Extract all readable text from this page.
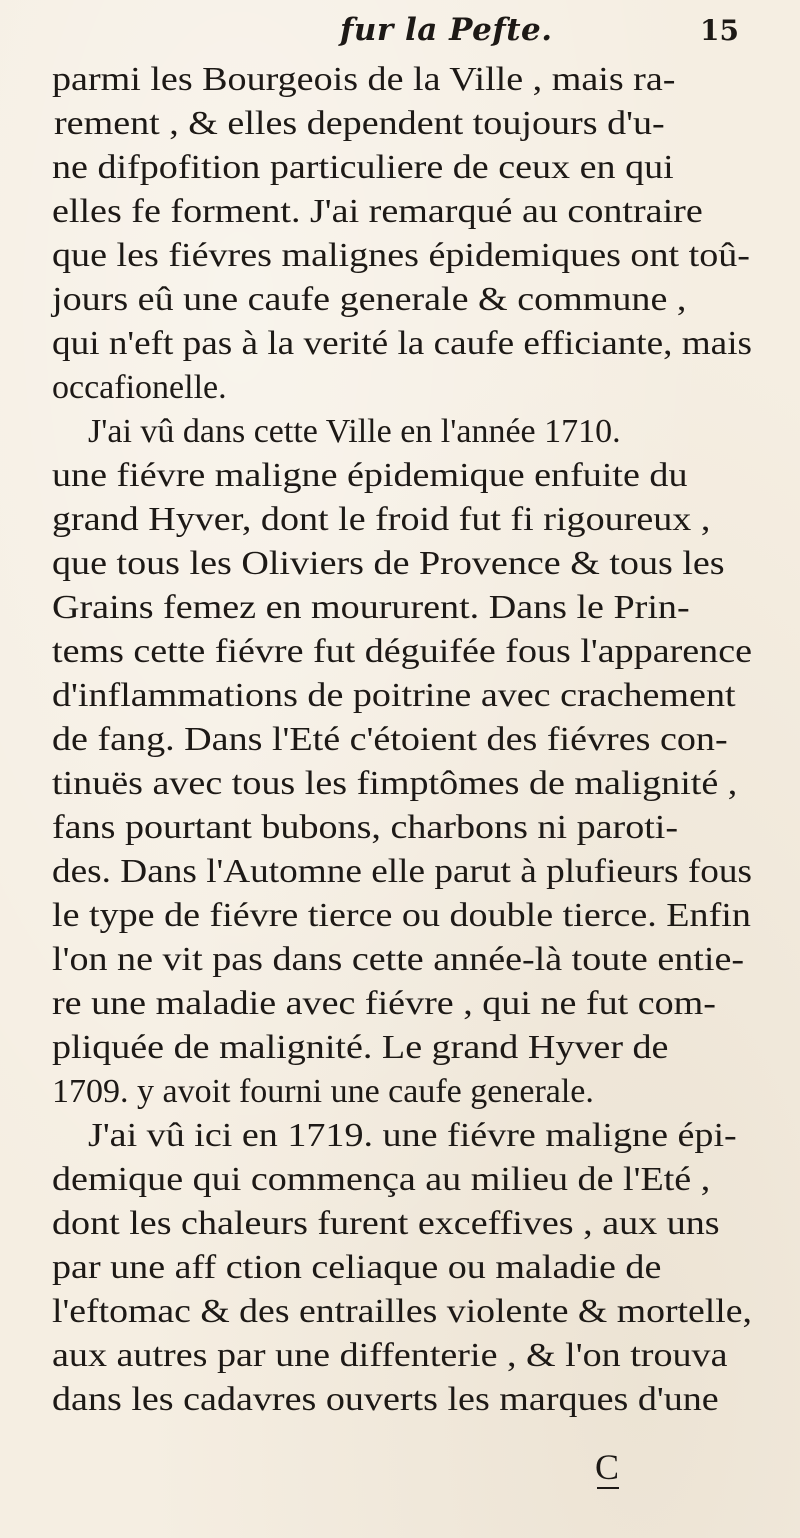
fur la Pefte.	15
parmi les Bourgeois de la Ville , mais ra-
rement , & elles dependent toujours d'u-
ne difpofition particuliere de ceux en qui
elles fe forment. J'ai remarqué au contraire
que les fiévres malignes épidemiques ont toû-
jours eû une caufe generale & commune ,
qui n'eft pas à la verité la caufe efficiante, mais
occafionelle.
J'ai vû dans cette Ville en l'année 1710.
une fiévre maligne épidemique enfuite du
grand Hyver, dont le froid fut fi rigoureux ,
que tous les Oliviers de Provence & tous les
Grains femez en moururent. Dans le Prin-
tems cette fiévre fut déguifée fous l'apparence
d'inflammations de poitrine avec crachement
de fang. Dans l'Eté c'étoient des fiévres con-
tinuës avec tous les fimptômes de malignité ,
fans pourtant bubons, charbons ni paroti-
des. Dans l'Automne elle parut à plufieurs fous
le type de fiévre tierce ou double tierce. Enfin
l'on ne vit pas dans cette année-là toute entie-
re une maladie avec fiévre , qui ne fut com-
pliquée de malignité. Le grand Hyver de
1709. y avoit fourni une caufe generale.
J'ai vû ici en 1719. une fiévre maligne épi-
demique qui commença au milieu de l'Eté ,
dont les chaleurs furent exceffives , aux uns
par une aff ction celiaque ou maladie de
l'eftomac & des entrailles violente & mortelle,
aux autres par une diffenterie , & l'on trouva
dans les cadavres ouverts les marques d'une
C
